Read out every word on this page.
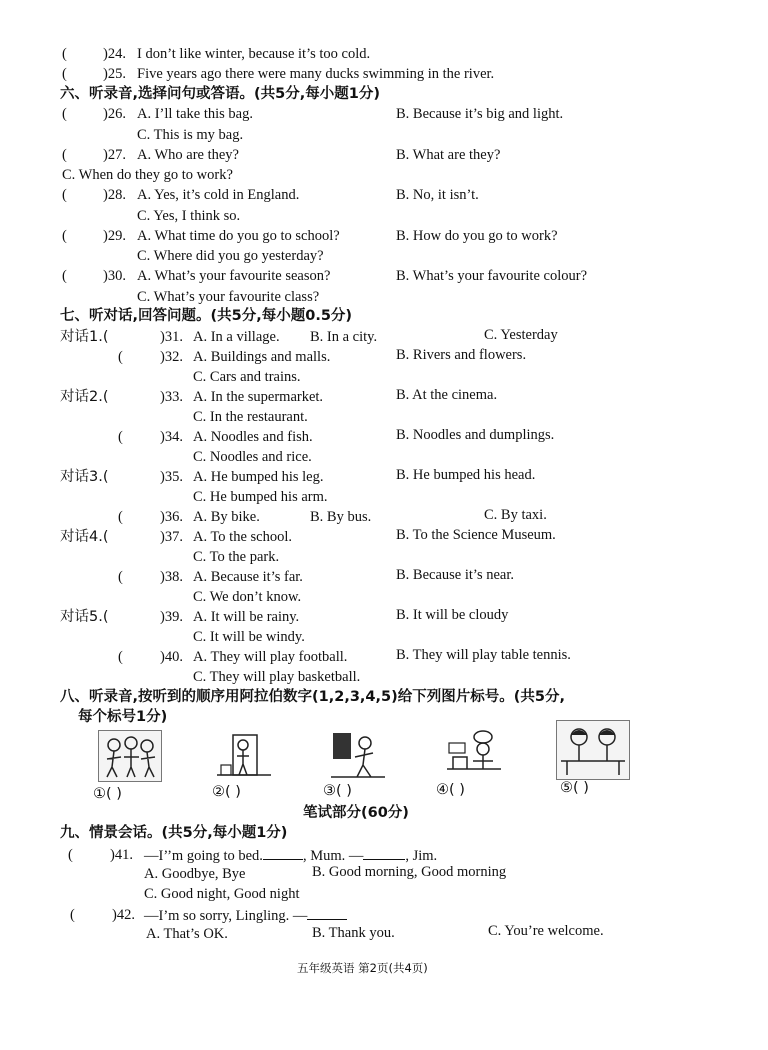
( )24. I don’t like winter, because it’s too cold.
( )25. Five years ago there were many ducks swimming in the river.
六、听录音,选择问句或答语。(共5分,每小题1分)
( )26. A. I’ll take this bag.	B. Because it’s big and light.
C. This is my bag.
( )27. A. Who are they?	B. What are they?
C. When do they go to work?
( )28. A. Yes, it’s cold in England.	B. No, it isn’t.
C. Yes, I think so.
( )29. A. What time do you go to school?	B. How do you go to work?
C. Where did you go yesterday?
( )30. A. What’s your favourite season?	B. What’s your favourite colour?
C. What’s your favourite class?
七、听对话,回答问题。(共5分,每小题0.5分)
对话1.(	)31. A. In a village. B. In a city.	C. Yesterday
(	)32. A. Buildings and malls.	B. Rivers and flowers.
C. Cars and trains.
对话2.(	)33. A. In the supermarket.	B. At the cinema.
C. In the restaurant.
(	)34. A. Noodles and fish.	B. Noodles and dumplings.
C. Noodles and rice.
对话3.(	)35. A. He bumped his leg.	B. He bumped his head.
C. He bumped his arm.
(	)36. A. By bike.	B. By bus.	C. By taxi.
对话4.(	)37. A. To the school.	B. To the Science Museum.
C. To the park.
(	)38. A. Because it’s far.	B. Because it’s near.
C. We don’t know.
对话5.(	)39. A. It will be rainy.	B. It will be cloudy
C. It will be windy.
(	)40. A. They will play football.	B. They will play table tennis.
C. They will play basketball.
八、听录音,按听到的顺序用阿拉伯数字(1,2,3,4,5)给下列图片标号。(共5分,
每个标号1分)
①( )	②( )	③( )	④( )	⑤( )
笔试部分(60分)
九、情景会话。(共5分,每小题1分)
(	)41. —I’’m going to bed.	, Mum. —	, Jim.
A. Goodbye, Bye	B. Good morning, Good morning
C. Good night, Good night
(	)42. —I’m so sorry, Lingling. —
A. That’s OK.	B. Thank you.	C. You’re welcome.
五年级英语 第2页(共4页)
